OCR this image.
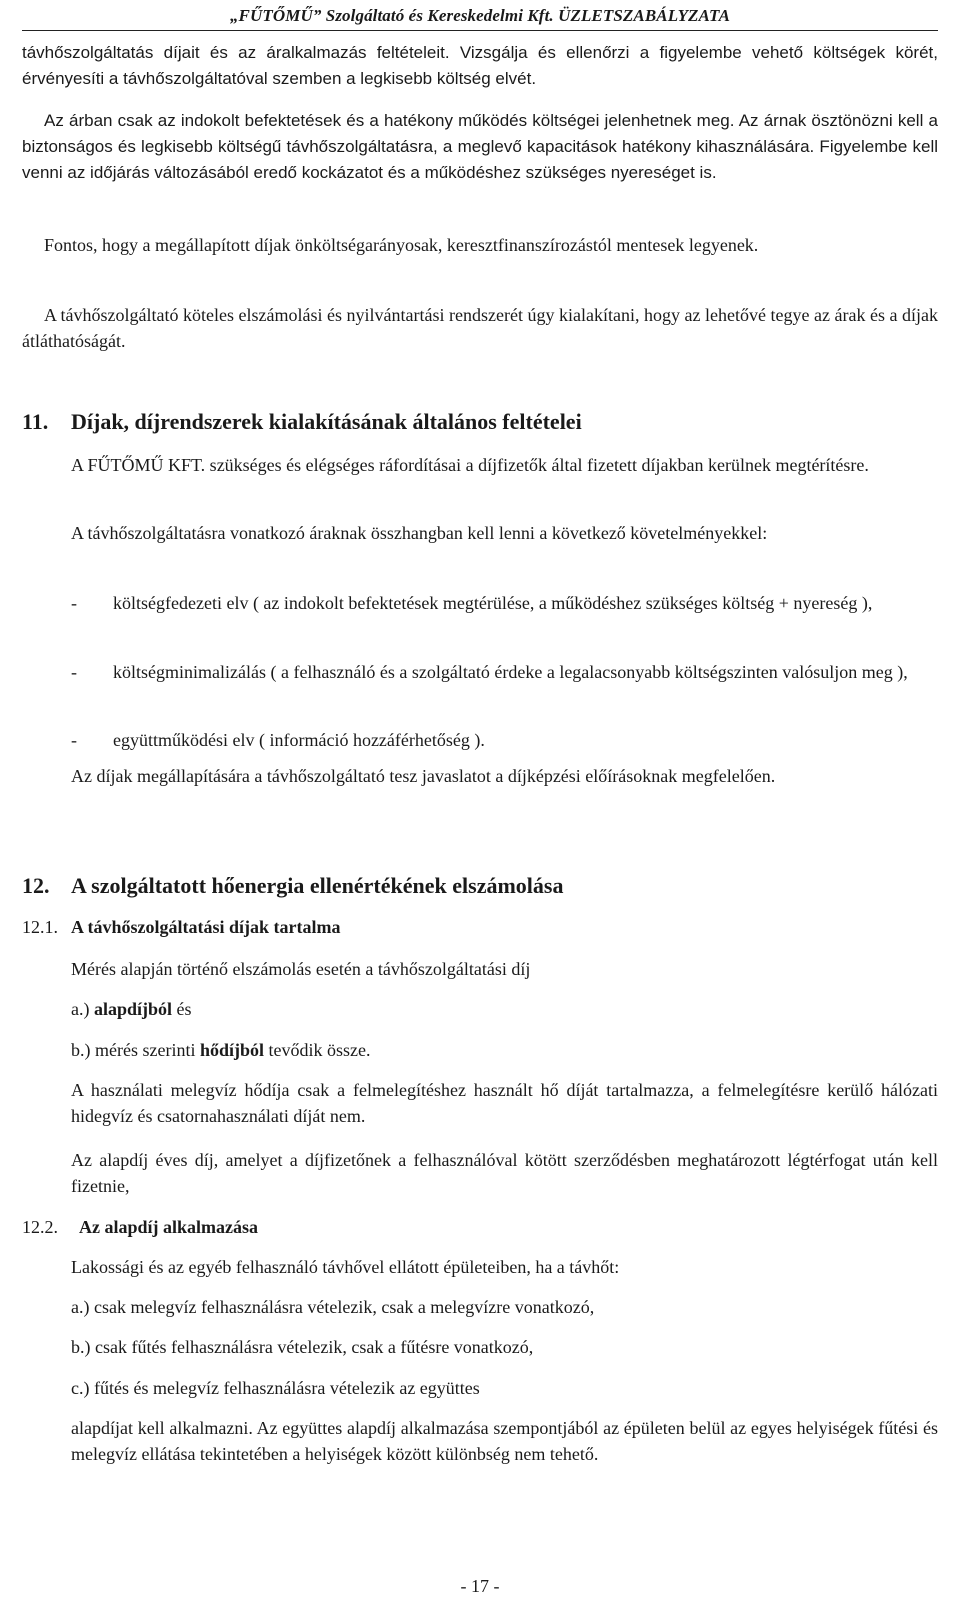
„FŰTŐMŰ” Szolgáltató és Kereskedelmi Kft. ÜZLETSZABÁLYZATA

távhőszolgáltatás díjait és az áralkalmazás feltételeit. Vizsgálja és ellenőrzi a figyelembe vehető költségek körét, érvényesíti a távhőszolgáltatóval szemben a legkisebb költség elvét.

Az árban csak az indokolt befektetések és a hatékony működés költségei jelenhetnek meg. Az árnak ösztönözni kell a biztonságos és legkisebb költségű távhőszolgáltatásra, a meglevő kapacitások hatékony kihasználására. Figyelembe kell venni az időjárás változásából eredő kockázatot és a működéshez szükséges nyereséget is.

Fontos, hogy a megállapított díjak önköltségarányosak, keresztfinanszírozástól mentesek legyenek.

A távhőszolgáltató köteles elszámolási és nyilvántartási rendszerét úgy kialakítani, hogy az lehetővé tegye az árak és a díjak átláthatóságát.

11. Díjak, díjrendszerek kialakításának általános feltételei

A FŰTŐMŰ KFT. szükséges és elégséges ráfordításai a díjfizetők által fizetett díjakban kerülnek megtérítésre.

A távhőszolgáltatásra vonatkozó áraknak összhangban kell lenni a következő követelményekkel:

- költségfedezeti elv ( az indokolt befektetések megtérülése, a működéshez szükséges költség + nyereség ),
- költségminimalizálás ( a felhasználó és a szolgáltató érdeke a legalacsonyabb költségszinten valósuljon meg ),
- együttműködési elv ( információ hozzáférhetőség ).

Az díjak megállapítására a távhőszolgáltató tesz javaslatot a díjképzési előírásoknak megfelelően.

12. A szolgáltatott hőenergia ellenértékének elszámolása
12.1. A távhőszolgáltatási díjak tartalma

Mérés alapján történő elszámolás esetén a távhőszolgáltatási díj

a.) alapdíjból és

b.) mérés szerinti hődíjból tevődik össze.

A használati melegvíz hődíja csak a felmelegítéshez használt hő díját tartalmazza, a felmelegítésre kerülő hálózati hidegvíz és csatornahasználati díját nem.

Az alapdíj éves díj, amelyet a díjfizetőnek a felhasználóval kötött szerződésben meghatározott légtérfogat után kell fizetnie,

12.2. Az alapdíj alkalmazása

Lakossági és az egyéb felhasználó távhővel ellátott épületeiben, ha a távhőt:

a.) csak melegvíz felhasználásra vételezik, csak a melegvízre vonatkozó,

b.) csak fűtés felhasználásra vételezik, csak a fűtésre vonatkozó,

c.) fűtés és melegvíz felhasználásra vételezik az együttes

alapdíjat kell alkalmazni. Az együttes alapdíj alkalmazása szempontjából az épületen belül az egyes helyiségek fűtési és melegvíz ellátása tekintetében a helyiségek között különbség nem tehető.

- 17 -
